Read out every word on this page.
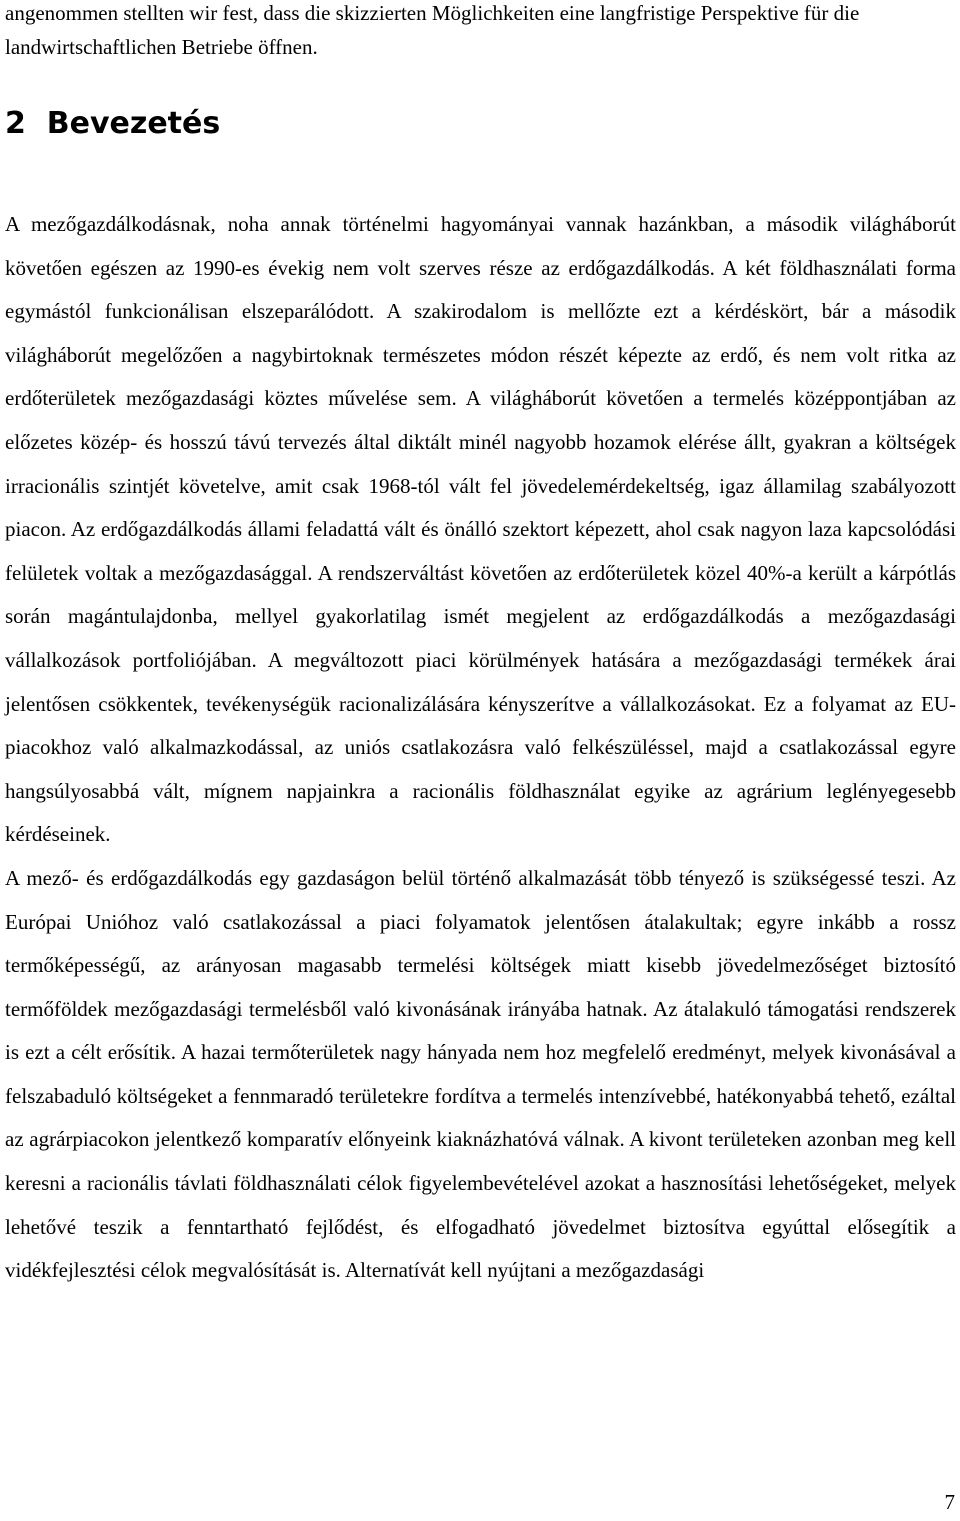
angenommen stellten wir fest, dass die skizzierten Möglichkeiten eine langfristige Perspektive für die landwirtschaftlichen Betriebe öffnen.

2  Bevezetés

A mezőgazdálkodásnak, noha annak történelmi hagyományai vannak hazánkban, a második világháborút követően egészen az 1990-es évekig nem volt szerves része az erdőgazdálkodás. A két földhasználati forma egymástól funkcionálisan elszeparálódott. A szakirodalom is mellőzte ezt a kérdéskört, bár a második világháborút megelőzően a nagybirtoknak természetes módon részét képezte az erdő, és nem volt ritka az erdőterületek mezőgazdasági köztes művelése sem. A világháborút követően a termelés középpontjában az előzetes közép- és hosszú távú tervezés által diktált minél nagyobb hozamok elérése állt, gyakran a költségek irracionális szintjét követelve, amit csak 1968-tól vált fel jövedelemérdekeltség, igaz államilag szabályozott piacon. Az erdőgazdálkodás állami feladattá vált és önálló szektort képezett, ahol csak nagyon laza kapcsolódási felületek voltak a mezőgazdasággal. A rendszerváltást követően az erdőterületek közel 40%-a került a kárpótlás során magántulajdonba, mellyel gyakorlatilag ismét megjelent az erdőgazdálkodás a mezőgazdasági vállalkozások portfoliójában. A megváltozott piaci körülmények hatására a mezőgazdasági termékek árai jelentősen csökkentek, tevékenységük racionalizálására kényszerítve a vállalkozásokat. Ez a folyamat az EU-piacokhoz való alkalmazkodással, az uniós csatlakozásra való felkészüléssel, majd a csatlakozással egyre hangsúlyosabbá vált, mígnem napjainkra a racionális földhasználat egyike az agrárium leglényegesebb kérdéseinek.

A mező- és erdőgazdálkodás egy gazdaságon belül történő alkalmazását több tényező is szükségessé teszi. Az Európai Unióhoz való csatlakozással a piaci folyamatok jelentősen átalakultak; egyre inkább a rossz termőképességű, az arányosan magasabb termelési költségek miatt kisebb jövedelmezőséget biztosító termőföldek mezőgazdasági termelésből való kivonásának irányába hatnak. Az átalakuló támogatási rendszerek is ezt a célt erősítik. A hazai termőterületek nagy hányada nem hoz megfelelő eredményt, melyek kivonásával a felszabaduló költségeket a fennmaradó területekre fordítva a termelés intenzívebbé, hatékonyabbá tehető, ezáltal az agrárpiacokon jelentkező komparatív előnyeink kiaknázhatóvá válnak. A kivont területeken azonban meg kell keresni a racionális távlati földhasználati célok figyelembevételével azokat a hasznosítási lehetőségeket, melyek lehetővé teszik a fenntartható fejlődést, és elfogadható jövedelmet biztosítva egyúttal elősegítik a vidékfejlesztési célok megvalósítását is. Alternatívát kell nyújtani a mezőgazdasági

7
